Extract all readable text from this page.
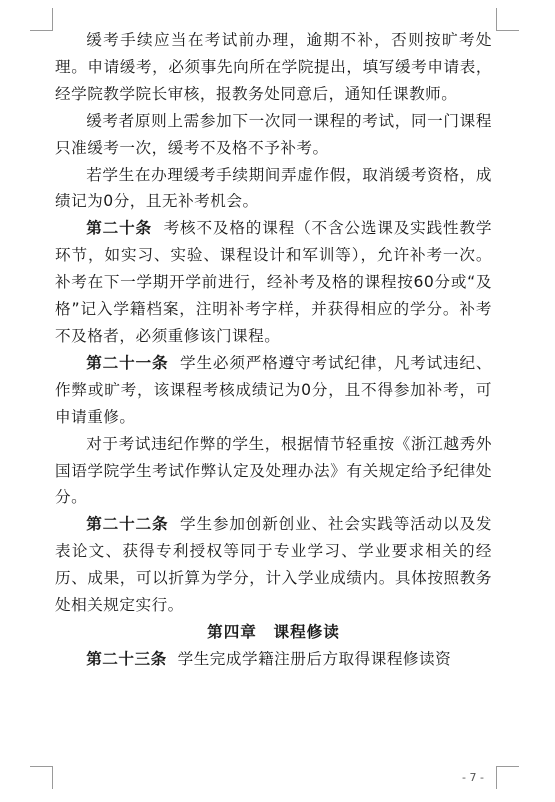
缓考手续应当在考试前办理，逾期不补，否则按旷考处理。申请缓考，必须事先向所在学院提出，填写缓考申请表，经学院教学院长审核，报教务处同意后，通知任课教师。

缓考者原则上需参加下一次同一课程的考试，同一门课程只准缓考一次，缓考不及格不予补考。

若学生在办理缓考手续期间弄虚作假，取消缓考资格，成绩记为0分，且无补考机会。

第二十条 考核不及格的课程（不含公选课及实践性教学环节，如实习、实验、课程设计和军训等），允许补考一次。补考在下一学期开学前进行，经补考及格的课程按60分或“及格”记入学籍档案，注明补考字样，并获得相应的学分。补考不及格者，必须重修该门课程。

第二十一条 学生必须严格遵守考试纪律，凡考试违纪、作弊或旷考，该课程考核成绩记为0分，且不得参加补考，可申请重修。

对于考试违纪作弊的学生，根据情节轻重按《浙江越秀外国语学院学生考试作弊认定及处理办法》有关规定给予纪律处分。

第二十二条 学生参加创新创业、社会实践等活动以及发表论文、获得专利授权等同于专业学习、学业要求相关的经历、成果，可以折算为学分，计入学业成绩内。具体按照教务处相关规定实行。

第四章　课程修读

第二十三条 学生完成学籍注册后方取得课程修读资

- 7 -
